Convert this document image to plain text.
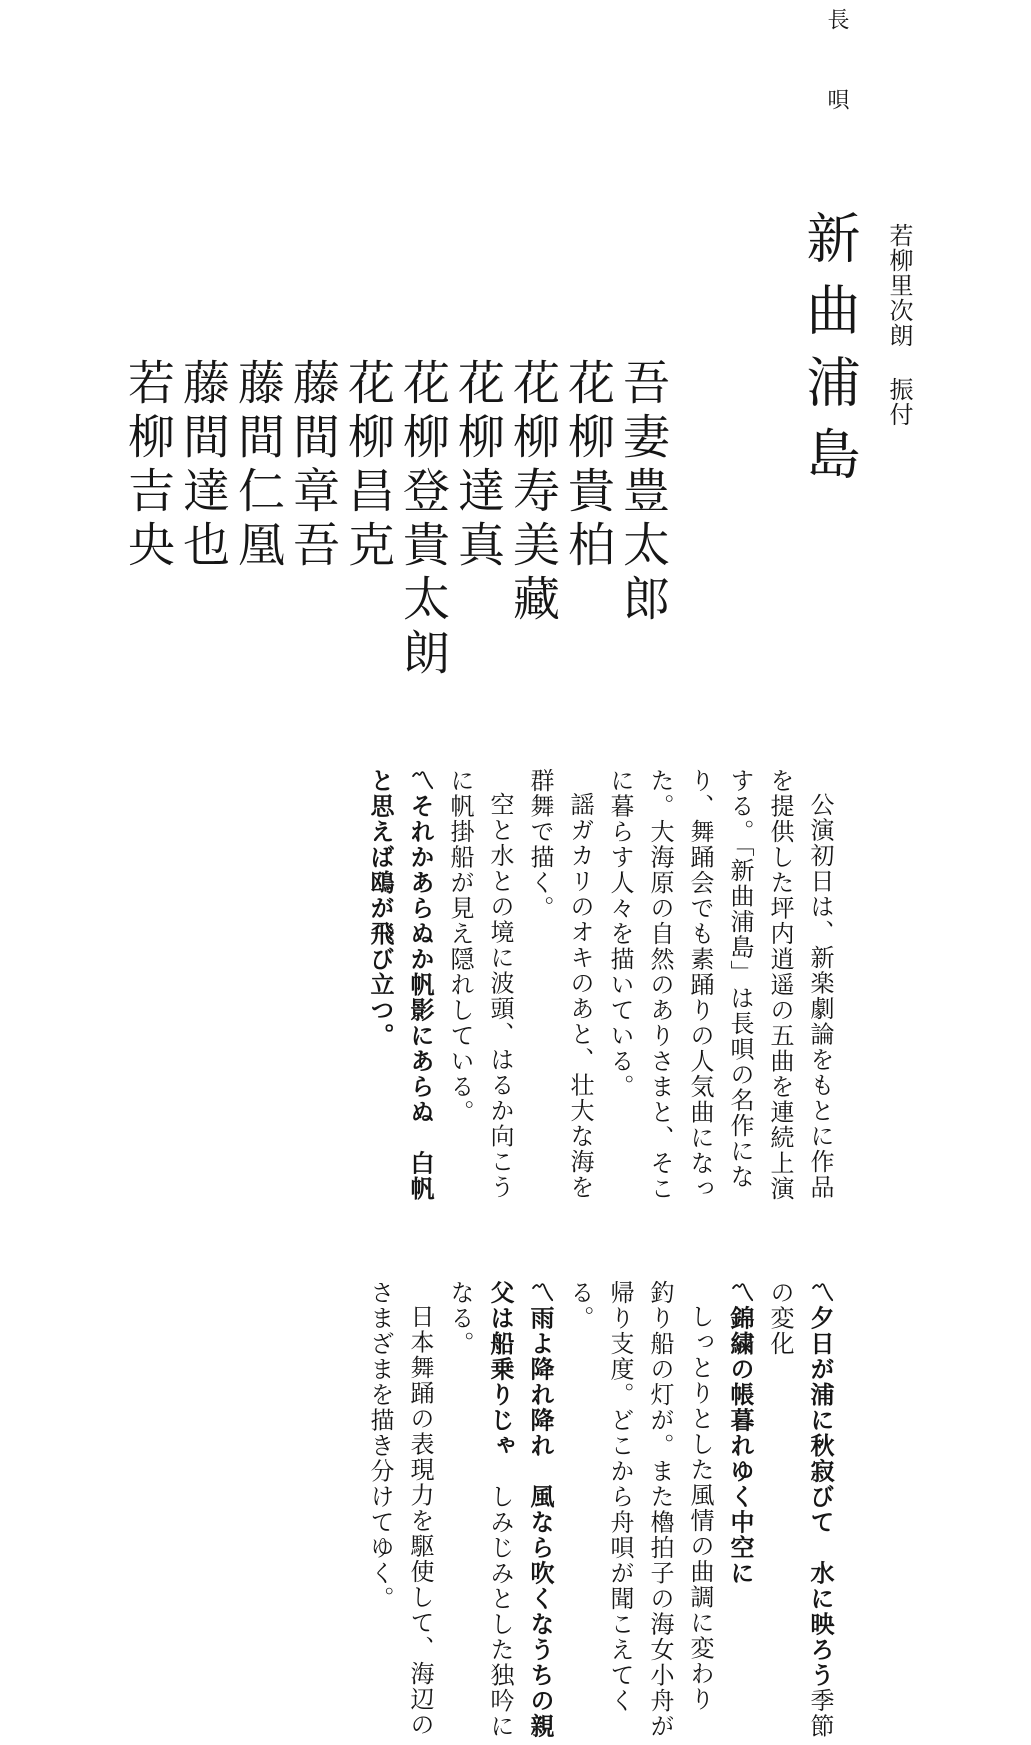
長唄
新曲浦島 若柳里次朗 振付
吾妻豊太郎
花柳貴柏
花柳寿美藏
花柳達真
花柳登貴太朗
花柳昌克
藤間章吾
藤間仁凰
藤間達也
若柳吉央

公演初日は、新楽劇論をもとに作品を提供した坪内逍遥の五曲を連続上演する。「新曲浦島」は長唄の名作になり、舞踊会でも素踊りの人気曲になった。大海原の自然のありさまと、そこに暮らす人々を描いている。

謡ガカリのオキのあと、壮大な海を群舞で描く。

空と水との境に波頭、はるか向こうに帆掛船が見え隠れしている。

〽それかあらぬか帆影にあらぬ　白帆と思えば鴎が飛び立つ。

〽夕日が浦に秋寂びて　水に映ろう季節の変化

〽錦繍の帳暮れゆく中空に

しっとりとした風情の曲調に変わり　釣り船の灯が。また櫓拍子の海女小舟が帰り支度。どこから舟唄が聞こえてくる。

〽雨よ降れ降れ　風なら吹くなうちの親父は船乗りじゃ　しみじみとした独吟になる。

日本舞踊の表現力を駆使して、海辺のさまざまを描き分けてゆく。
